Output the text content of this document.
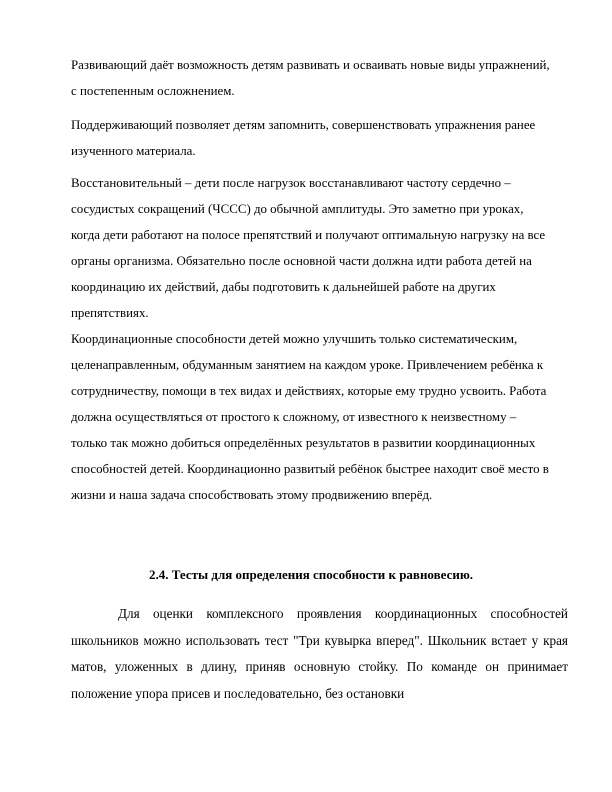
Развивающий даёт возможность детям развивать и осваивать новые виды упражнений, с постепенным осложнением.

Поддерживающий позволяет детям запомнить, совершенствовать упражнения ранее изученного материала.

Восстановительный – дети после нагрузок восстанавливают частоту сердечно – сосудистых сокращений (ЧССС) до обычной амплитуды. Это заметно при уроках, когда дети работают на полосе препятствий и получают оптимальную нагрузку на все органы организма. Обязательно после основной части должна идти работа детей на координацию их действий, дабы подготовить к дальнейшей работе на других препятствиях.

Координационные способности детей можно улучшить только систематическим, целенаправленным, обдуманным занятием на каждом уроке. Привлечением ребёнка к сотрудничеству, помощи в тех видах и действиях, которые ему трудно усвоить. Работа должна осуществляться от простого к сложному, от известного к неизвестному – только так можно добиться определённых результатов в развитии координационных способностей детей. Координационно развитый ребёнок быстрее находит своё место в жизни и наша задача способствовать этому продвижению вперёд.

2.4. Тесты для определения способности к равновесию.

Для оценки комплексного проявления координационных способностей школьников можно использовать тест "Три кувырка вперед". Школьник встает у края матов, уложенных в длину, приняв основную стойку. По команде он принимает положение упора присев и последовательно, без остановки
